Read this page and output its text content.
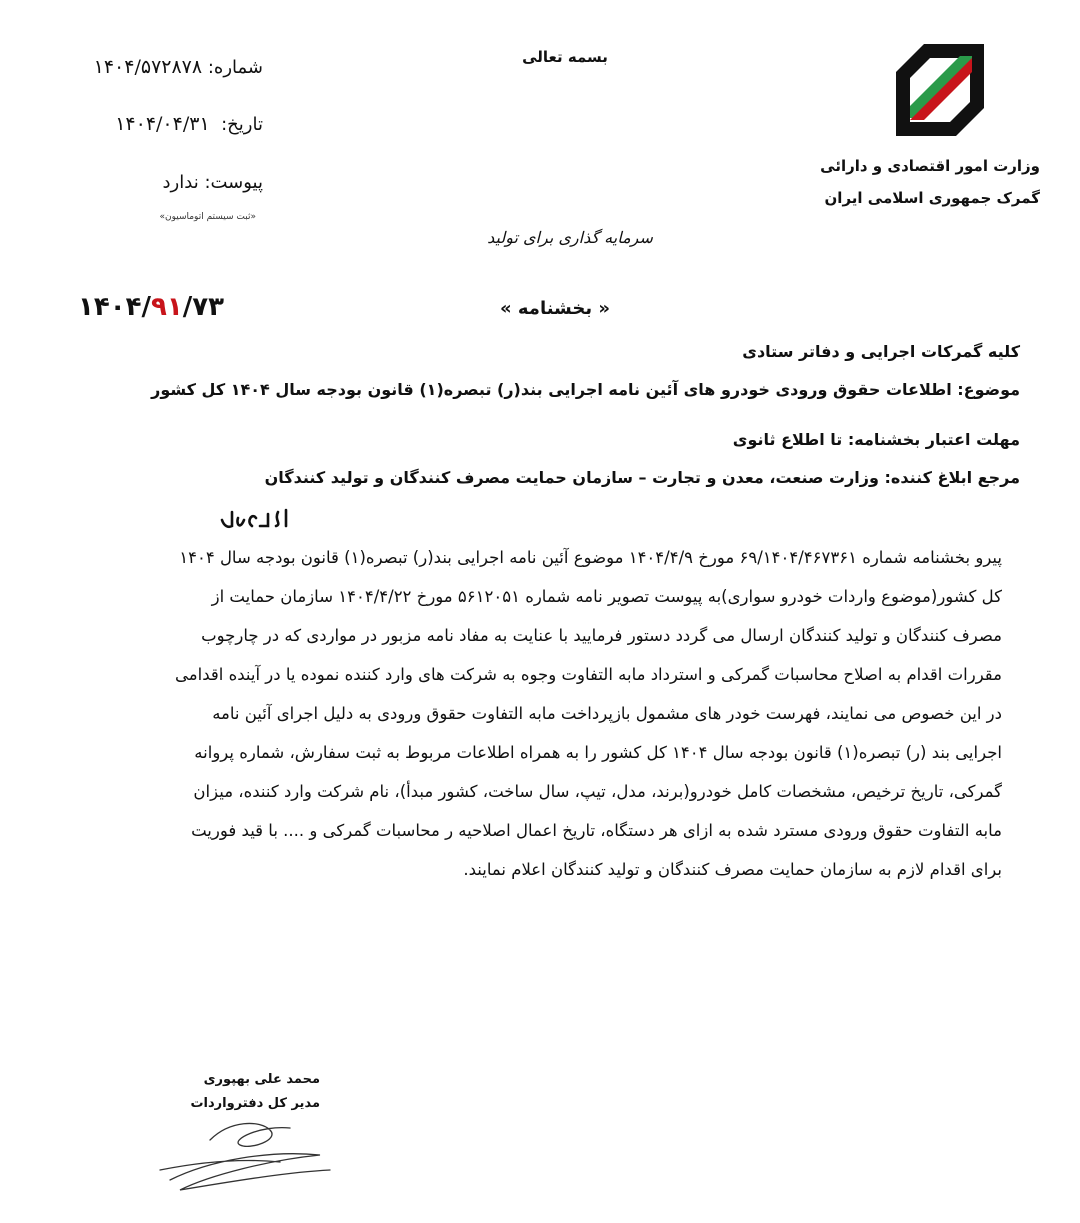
وزارت امور اقتصادی و دارائی
گمرک جمهوری اسلامی ایران
بسمه تعالی
سرمایه گذاری برای تولید
شماره: ۱۴۰۴/۵۷۲۸۷۸
تاریخ:  ۱۴۰۴/۰۴/۳۱
پیوست: ندارد
«ثبت سیستم اتوماسیون»
۱۴۰۴/۹۱/۷۳	« بخشنامه »
کلیه گمرکات اجرایی و دفاتر ستادی
موضوع: اطلاعات حقوق ورودی خودرو های آئین نامه اجرایی بند(ر) تبصره(۱) قانون بودجه سال ۱۴۰۴ کل کشور
مهلت اعتبار بخشنامه: تا اطلاع ثانوی
مرجع ابلاغ کننده: وزارت صنعت، معدن و تجارت – سازمان حمایت مصرف کنندگان و تولید کنندگان
پیرو بخشنامه شماره ۶۹/۱۴۰۴/۴۶۷۳۶۱ مورخ ۱۴۰۴/۴/۹ موضوع آئین نامه اجرایی بند(ر) تبصره(۱) قانون بودجه سال ۱۴۰۴
کل کشور(موضوع واردات خودرو سواری)به پیوست تصویر نامه شماره ۵۶۱۲۰۵۱ مورخ ۱۴۰۴/۴/۲۲ سازمان حمایت از
مصرف کنندگان و تولید کنندگان ارسال می گردد دستور فرمایید با عنایت به مفاد نامه مزبور در مواردی که در چارچوب
مقررات اقدام به اصلاح محاسبات گمرکی و استرداد مابه التفاوت وجوه به شرکت های وارد کننده نموده یا در آینده اقدامی
در این خصوص می نمایند، فهرست خودر های مشمول بازپرداخت مابه التفاوت حقوق ورودی به دلیل اجرای آئین نامه
اجرایی بند (ر) تبصره(۱) قانون بودجه سال ۱۴۰۴ کل کشور را به همراه اطلاعات مربوط به ثبت سفارش، شماره پروانه
گمرکی، تاریخ ترخیص، مشخصات کامل خودرو(برند، مدل، تیپ، سال ساخت، کشور مبدأ)، نام شرکت وارد کننده، میزان
مابه التفاوت حقوق ورودی مسترد شده به ازای هر دستگاه، تاریخ اعمال اصلاحیه ر محاسبات گمرکی و .... با قید فوریت
برای اقدام لازم به سازمان حمایت مصرف کنندگان و تولید کنندگان اعلام نمایند.
محمد علی بهپوری
مدیر کل دفترواردات
